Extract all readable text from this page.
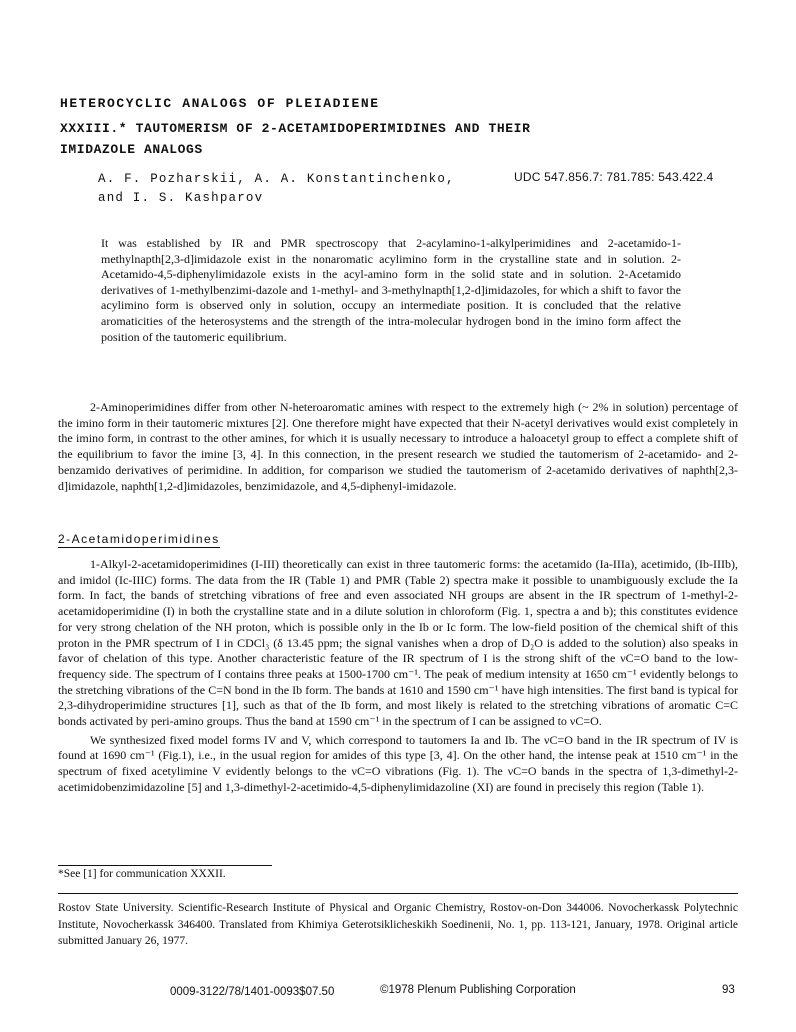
HETEROCYCLIC ANALOGS OF PLEIADIENE
XXXIII.* TAUTOMERISM OF 2-ACETAMIDOPERIMIDINES AND THEIR IMIDAZOLE ANALOGS
A. F. Pozharskii, A. A. Konstantinchenko,
and I. S. Kashparov
UDC 547.856.7: 781.785: 543.422.4
It was established by IR and PMR spectroscopy that 2-acylamino-1-alkylperimidines and 2-acetamido-1-methylnapth[2,3-d]imidazole exist in the nonaromatic acylimino form in the crystalline state and in solution. 2-Acetamido-4,5-diphenylimidazole exists in the acyl-amino form in the solid state and in solution. 2-Acetamido derivatives of 1-methylbenzimi-dazole and 1-methyl- and 3-methylnapth[1,2-d]imidazoles, for which a shift to favor the acylimino form is observed only in solution, occupy an intermediate position. It is concluded that the relative aromaticities of the heterosystems and the strength of the intra-molecular hydrogen bond in the imino form affect the position of the tautomeric equilibrium.

2-Aminoperimidines differ from other N-heteroaromatic amines with respect to the extremely high (~ 2% in solution) percentage of the imino form in their tautomeric mixtures [2]. One therefore might have expected that their N-acetyl derivatives would exist completely in the imino form, in contrast to the other amines, for which it is usually necessary to introduce a haloacetyl group to effect a complete shift of the equilibrium to favor the imine [3, 4]. In this connection, in the present research we studied the tautomerism of 2-acetamido- and 2-benzamido derivatives of perimidine. In addition, for comparison we studied the tautomerism of 2-acetamido derivatives of naphth[2,3-d]imidazole, naphth[1,2-d]imidazoles, benzimidazole, and 4,5-diphenyl-imidazole.

2-Acetamidoperimidines

1-Alkyl-2-acetamidoperimidines (I-III) theoretically can exist in three tautomeric forms: the acetamido (Ia-IIIa), acetimido, (Ib-IIIb), and imidol (Ic-IIIC) forms. The data from the IR (Table 1) and PMR (Table 2) spectra make it possible to unambiguously exclude the Ia form. In fact, the bands of stretching vibrations of free and even associated NH groups are absent in the IR spectrum of 1-methyl-2-acetamidoperimidine (I) in both the crystalline state and in a dilute solution in chloroform (Fig. 1, spectra a and b); this constitutes evidence for very strong chelation of the NH proton, which is possible only in the Ib or Ic form. The low-field position of the chemical shift of this proton in the PMR spectrum of I in CDCl₃ (δ 13.45 ppm; the signal vanishes when a drop of D₂O is added to the solution) also speaks in favor of chelation of this type. Another characteristic feature of the IR spectrum of I is the strong shift of the νC=O band to the low-frequency side. The spectrum of I contains three peaks at 1500-1700 cm⁻¹. The peak of medium intensity at 1650 cm⁻¹ evidently belongs to the stretching vibrations of the C=N bond in the Ib form. The bands at 1610 and 1590 cm⁻¹ have high intensities. The first band is typical for 2,3-dihydroperimidine structures [1], such as that of the Ib form, and most likely is related to the stretching vibrations of aromatic C=C bonds activated by peri-amino groups. Thus the band at 1590 cm⁻¹ in the spectrum of I can be assigned to νC=O.

We synthesized fixed model forms IV and V, which correspond to tautomers Ia and Ib. The νC=O band in the IR spectrum of IV is found at 1690 cm⁻¹ (Fig.1), i.e., in the usual region for amides of this type [3, 4]. On the other hand, the intense peak at 1510 cm⁻¹ in the spectrum of fixed acetylimine V evidently belongs to the νC=O vibrations (Fig. 1). The νC=O bands in the spectra of 1,3-dimethyl-2-acetimidobenzimidazoline [5] and 1,3-dimethyl-2-acetimido-4,5-diphenylimidazoline (XI) are found in precisely this region (Table 1).

*See [1] for communication XXXII.
Rostov State University. Scientific-Research Institute of Physical and Organic Chemistry, Rostov-on-Don 344006. Novocherkassk Polytechnic Institute, Novocherkassk 346400. Translated from Khimiya Geterotsiklicheskikh Soedinenii, No. 1, pp. 113-121, January, 1978. Original article submitted January 26, 1977.
0009-3122/78/1401-0093$07.50	©1978 Plenum Publishing Corporation	93
